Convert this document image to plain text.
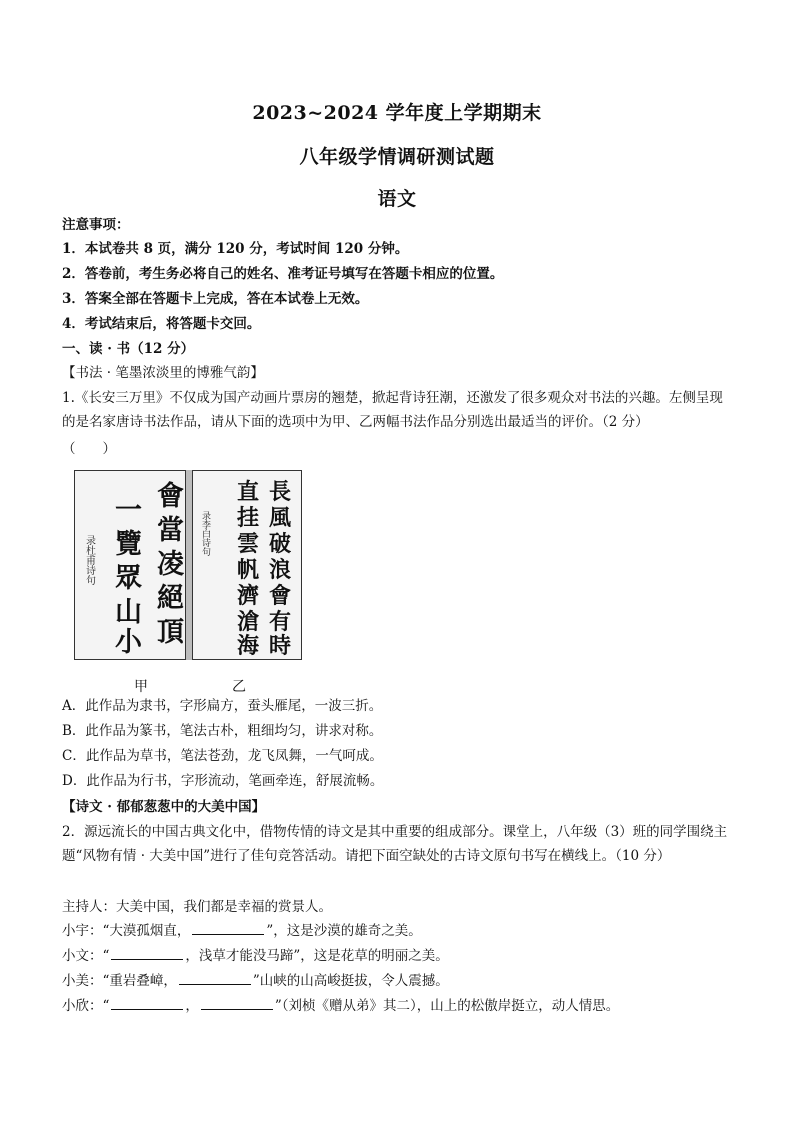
2023~2024 学年度上学期期末
八年级学情调研测试题
语文
注意事项：
1．本试卷共 8 页，满分 120 分，考试时间 120 分钟。
2．答卷前，考生务必将自己的姓名、准考证号填写在答题卡相应的位置。
3．答案全部在答题卡上完成，答在本试卷上无效。
4．考试结束后，将答题卡交回。
一、读 · 书（12 分）
【书法 · 笔墨浓淡里的博雅气韵】
1.《长安三万里》不仅成为国产动画片票房的翘楚，掀起背诗狂潮，还激发了很多观众对书法的兴趣。左侧呈现的是名家唐诗书法作品，请从下面的选项中为甲、乙两幅书法作品分别选出最适当的评价。（2 分）
（　　）
會
當
凌
絕
頂
一
覽
眾
山
小
录杜甫诗句
長
風
破
浪
會
有
時
直
挂
雲
帆
濟
滄
海
录李白诗句
甲	乙
A．此作品为隶书，字形扁方，蚕头雁尾，一波三折。
B．此作品为篆书，笔法古朴，粗细均匀，讲求对称。
C．此作品为草书，笔法苍劲，龙飞凤舞，一气呵成。
D．此作品为行书，字形流动，笔画牵连，舒展流畅。
【诗文 · 郁郁葱葱中的大美中国】
2．源远流长的中国古典文化中，借物传情的诗文是其中重要的组成部分。课堂上，八年级（3）班的同学围绕主题“风物有情 · 大美中国”进行了佳句竞答活动。请把下面空缺处的古诗文原句书写在横线上。（10 分）
主持人：大美中国，我们都是幸福的赏景人。
小宇：“大漠孤烟直，	”，这是沙漠的雄奇之美。
小文：“	，浅草才能没马蹄”，这是花草的明丽之美。
小美：“重岩叠嶂，	”山峡的山高峻挺拔，令人震撼。
小欣：“	，	”（刘桢《赠从弟》其二），山上的松傲岸挺立，动人情思。
